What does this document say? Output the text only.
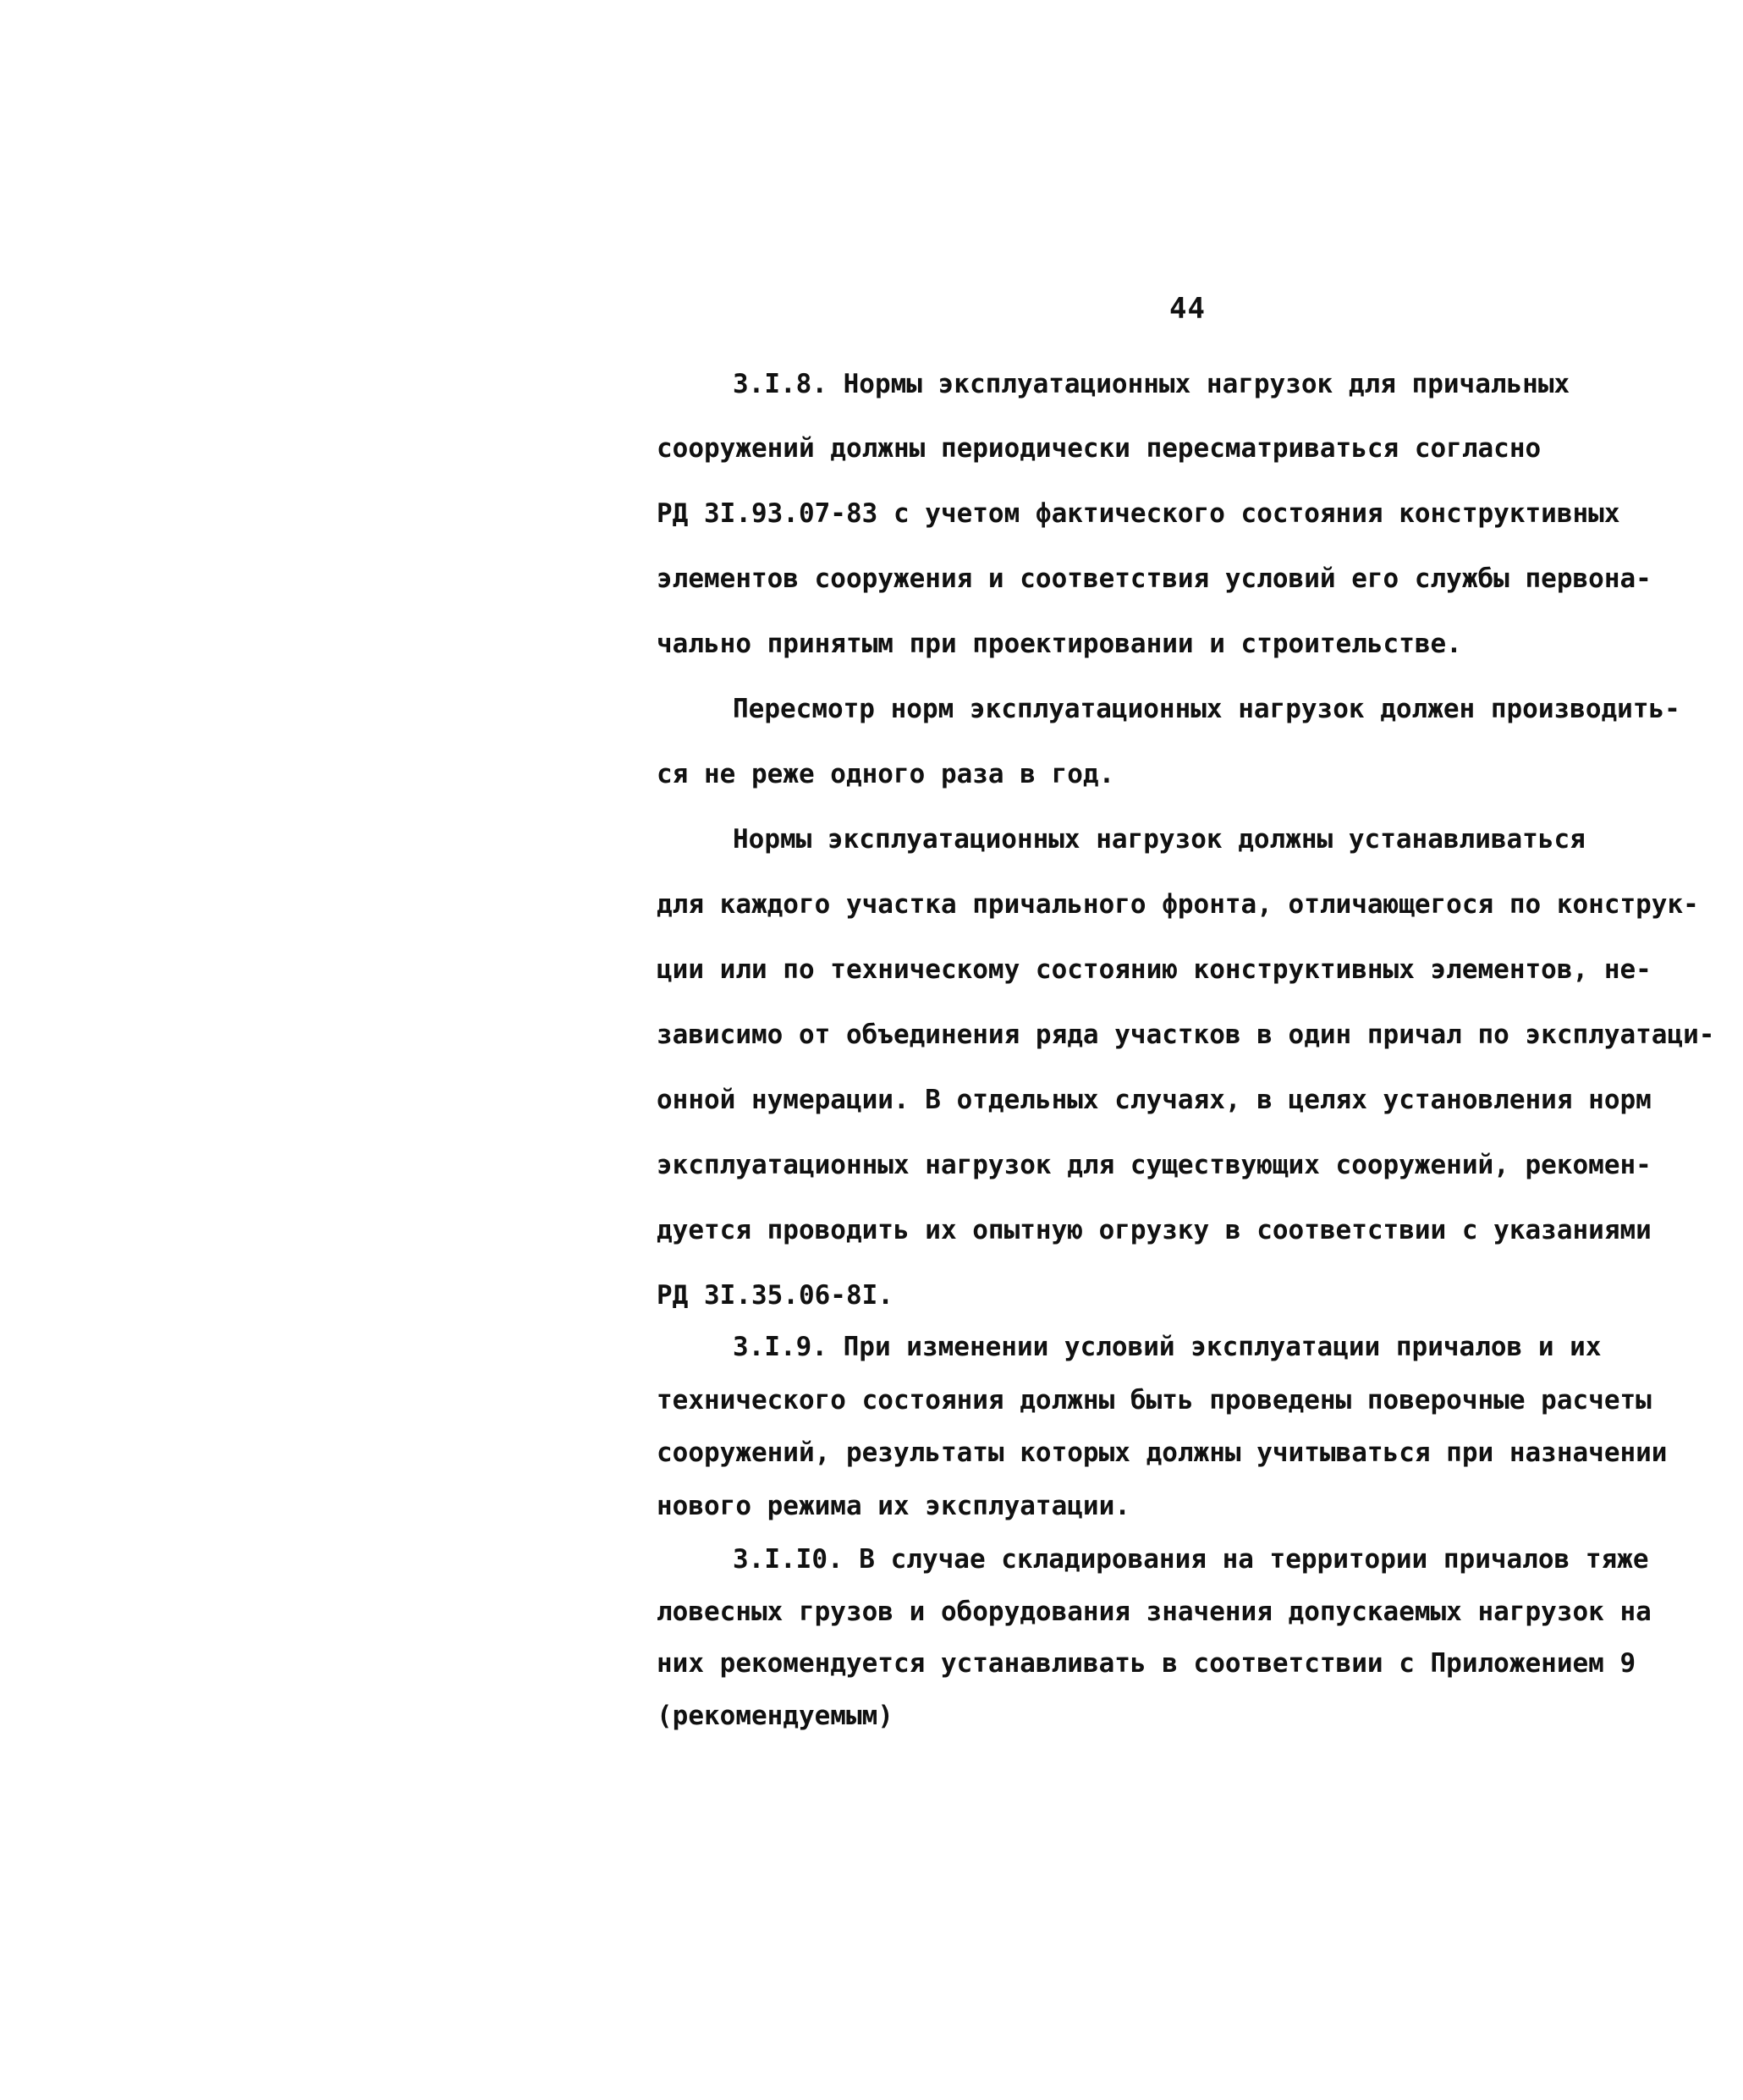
44
3.I.8. Нормы эксплуатационных нагрузок для причальных
сооружений должны периодически пересматриваться согласно
РД 3I.93.07-83 с учетом фактического состояния конструктивных
элементов сооружения и соответствия условий его службы первона-
чально принятым при проектировании и строительстве.
Пересмотр норм эксплуатационных нагрузок должен производить-
ся не реже одного раза в год.
Нормы эксплуатационных нагрузок должны устанавливаться
для каждого участка причального фронта, отличающегося по конструк-
ции или по техническому состоянию конструктивных элементов, не-
зависимо от объединения ряда участков в один причал по эксплуатаци-
онной нумерации. В отдельных случаях, в целях установления норм
эксплуатационных нагрузок для существующих сооружений, рекомен-
дуется проводить их опытную огрузку в соответствии с указаниями
РД 3I.35.06-8I.
3.I.9. При изменении условий эксплуатации причалов и их
технического состояния должны быть проведены поверочные расчеты
сооружений, результаты которых должны учитываться при назначении
нового режима их эксплуатации.
3.I.I0. В случае складирования на территории причалов тяже
ловесных грузов и оборудования значения допускаемых нагрузок на
них рекомендуется устанавливать в соответствии с Приложением 9
(рекомендуемым)
